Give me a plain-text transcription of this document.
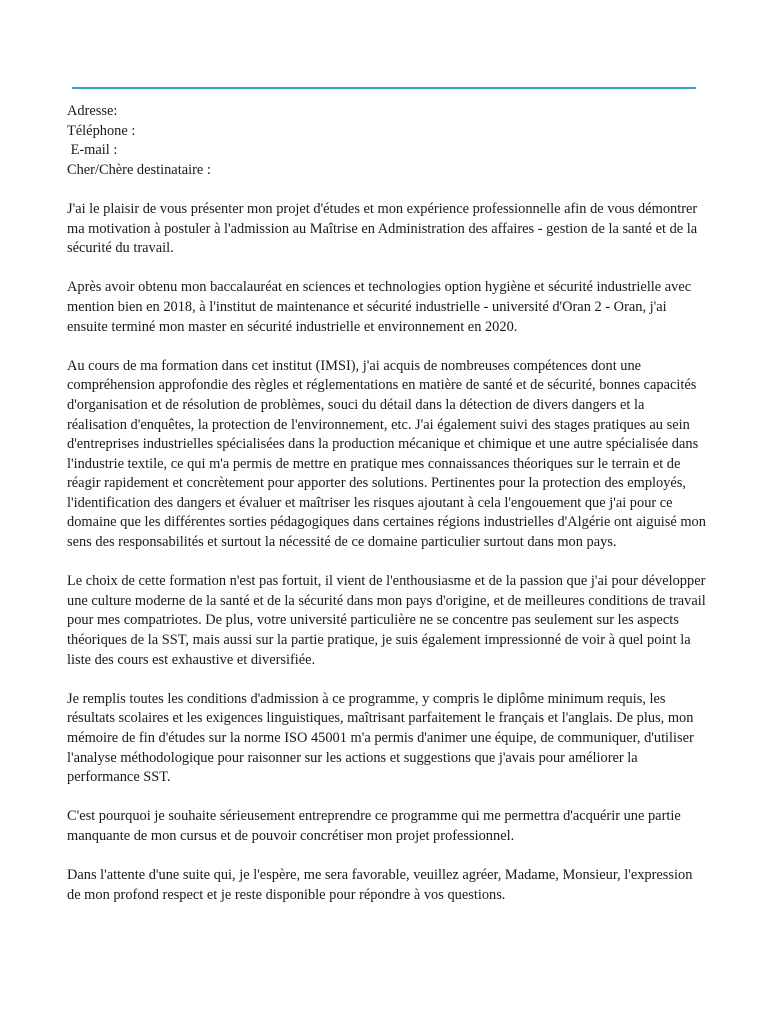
Adresse:
Téléphone :
E-mail :
Cher/Chère destinataire :

J'ai le plaisir de vous présenter mon projet d'études et mon expérience professionnelle afin de vous démontrer ma motivation à postuler à l'admission au Maîtrise en Administration des affaires - gestion de la santé et de la sécurité du travail.

Après avoir obtenu mon baccalauréat en sciences et technologies option hygiène et sécurité industrielle avec mention bien en 2018, à l'institut de maintenance et sécurité industrielle - université d'Oran 2 - Oran, j'ai ensuite terminé mon master en sécurité industrielle et environnement en 2020.

Au cours de ma formation dans cet institut (IMSI), j'ai acquis de nombreuses compétences dont une compréhension approfondie des règles et réglementations en matière de santé et de sécurité, bonnes capacités d'organisation et de résolution de problèmes, souci du détail dans la détection de divers dangers et la réalisation d'enquêtes, la protection de l'environnement, etc. J'ai également suivi des stages pratiques au sein d'entreprises industrielles spécialisées dans la production mécanique et chimique et une autre spécialisée dans l'industrie textile, ce qui m'a permis de mettre en pratique mes connaissances théoriques sur le terrain et de réagir rapidement et concrètement pour apporter des solutions. Pertinentes pour la protection des employés, l'identification des dangers et évaluer et maîtriser les risques ajoutant à cela l'engouement que j'ai pour ce domaine que les différentes sorties pédagogiques dans certaines régions industrielles d'Algérie ont aiguisé mon sens des responsabilités et surtout la nécessité de ce domaine particulier surtout dans mon pays.

Le choix de cette formation n'est pas fortuit, il vient de l'enthousiasme et de la passion que j'ai pour développer une culture moderne de la santé et de la sécurité dans mon pays d'origine, et de meilleures conditions de travail pour mes compatriotes. De plus, votre université particulière ne se concentre pas seulement sur les aspects théoriques de la SST, mais aussi sur la partie pratique, je suis également impressionné de voir à quel point la liste des cours est exhaustive et diversifiée.

Je remplis toutes les conditions d'admission à ce programme, y compris le diplôme minimum requis, les résultats scolaires et les exigences linguistiques, maîtrisant parfaitement le français et l'anglais. De plus, mon mémoire de fin d'études sur la norme ISO 45001 m'a permis d'animer une équipe, de communiquer, d'utiliser l'analyse méthodologique pour raisonner sur les actions et suggestions que j'avais pour améliorer la performance SST.

C'est pourquoi je souhaite sérieusement entreprendre ce programme qui me permettra d'acquérir une partie manquante de mon cursus et de pouvoir concrétiser mon projet professionnel.

Dans l'attente d'une suite qui, je l'espère, me sera favorable, veuillez agréer, Madame, Monsieur, l'expression de mon profond respect et je reste disponible pour répondre à vos questions.
